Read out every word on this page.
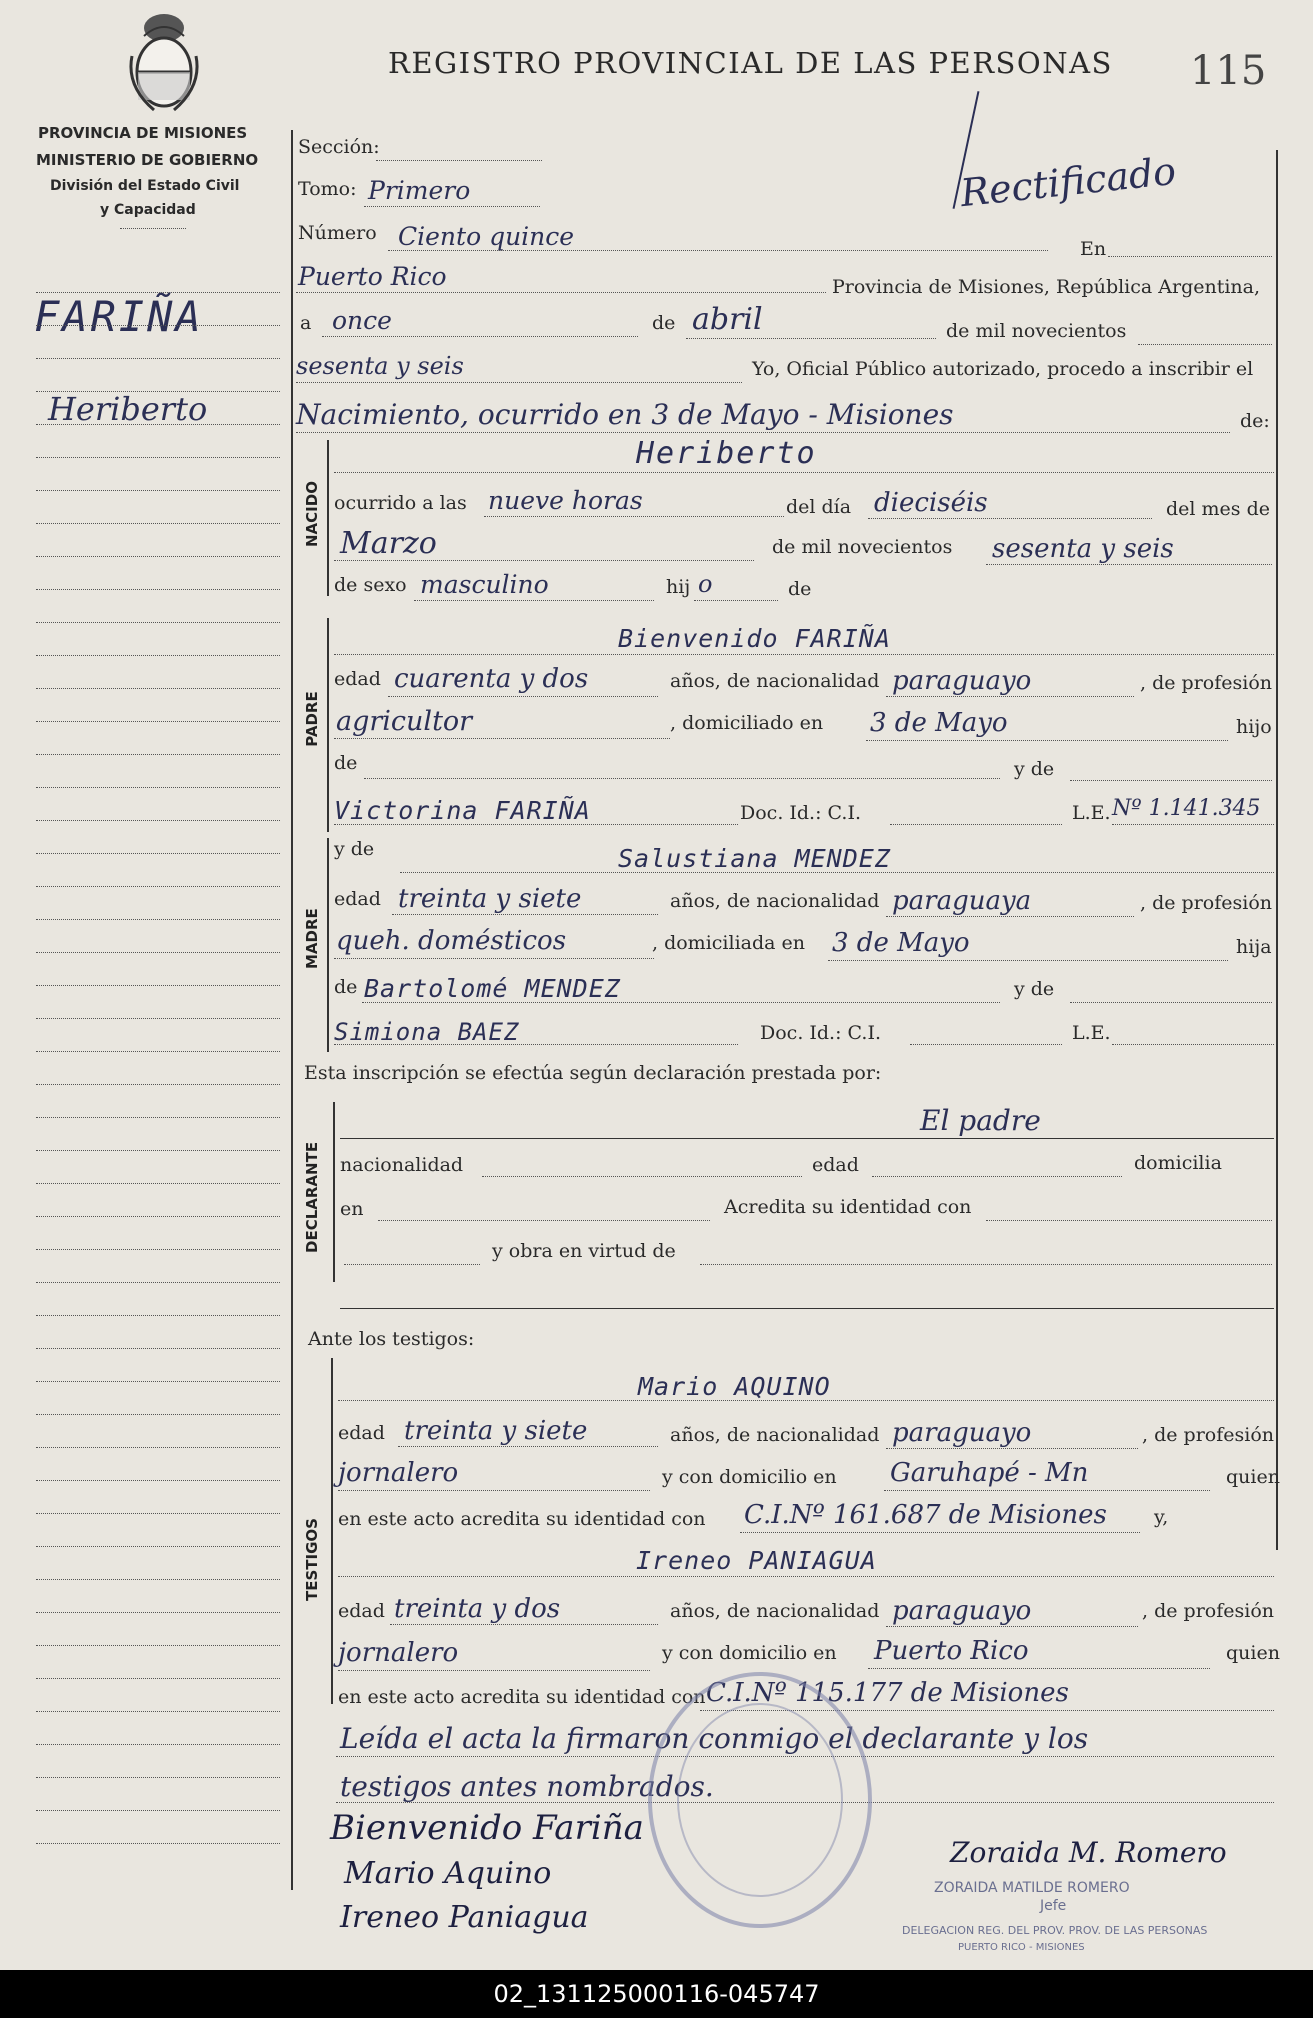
PROVINCIA DE MISIONES
MINISTERIO DE GOBIERNO
División del Estado Civil
y Capacidad
REGISTRO PROVINCIAL DE LAS PERSONAS 115
Rectificado
FARIÑA
Heriberto
Sección:
Tomo: Primero
Número Ciento quince	En
Puerto Rico	Provincia de Misiones, República Argentina,
a once	de abril	de mil novecientos
sesenta y seis	Yo, Oficial Público autorizado, procedo a inscribir el
Nacimiento, ocurrido en 3 de Mayo - Misiones	de:
NACIDO
Heriberto
ocurrido a las nueve horas	del día dieciséis	del mes de
Marzo	de mil novecientos sesenta y seis
de sexo masculino	hij o	de
PADRE
Bienvenido FARIÑA
edad cuarenta y dos	años, de nacionalidad paraguayo	, de profesión
agricultor	, domiciliado en 3 de Mayo	hijo
de	y de
Victorina FARIÑA	Doc. Id.: C.I.	L.E. Nº 1.141.345
MADRE
y de	Salustiana MENDEZ
edad treinta y siete	años, de nacionalidad paraguaya	, de profesión
queh. domésticos	, domiciliada en 3 de Mayo	hija
de Bartolomé MENDEZ	y de
Simiona BAEZ	Doc. Id.: C.I.	L.E.
Esta inscripción se efectúa según declaración prestada por:
DECLARANTE
El padre
nacionalidad	edad	domicilia
en	Acredita su identidad con
y obra en virtud de
Ante los testigos:
TESTIGOS
Mario AQUINO
edad treinta y siete	años, de nacionalidad paraguayo	, de profesión
jornalero	y con domicilio en Garuhapé - Mn	quien
en este acto acredita su identidad con C.I.Nº 161.687 de Misiones y,
Ireneo PANIAGUA
edad treinta y dos	años, de nacionalidad paraguayo	, de profesión
jornalero	y con domicilio en Puerto Rico	quien
en este acto acredita su identidad con C.I.Nº 115.177 de Misiones
Leída el acta la firmaron conmigo el declarante y los
testigos antes nombrados.
Bienvenido Fariña
Mario Aquino
Ireneo Paniagua
Zoraida M. Romero
ZORAIDA MATILDE ROMERO
Jefe
DELEGACION REG. DEL PROV. PROV. DE LAS PERSONAS
PUERTO RICO - MISIONES
02_131125000116-045747
